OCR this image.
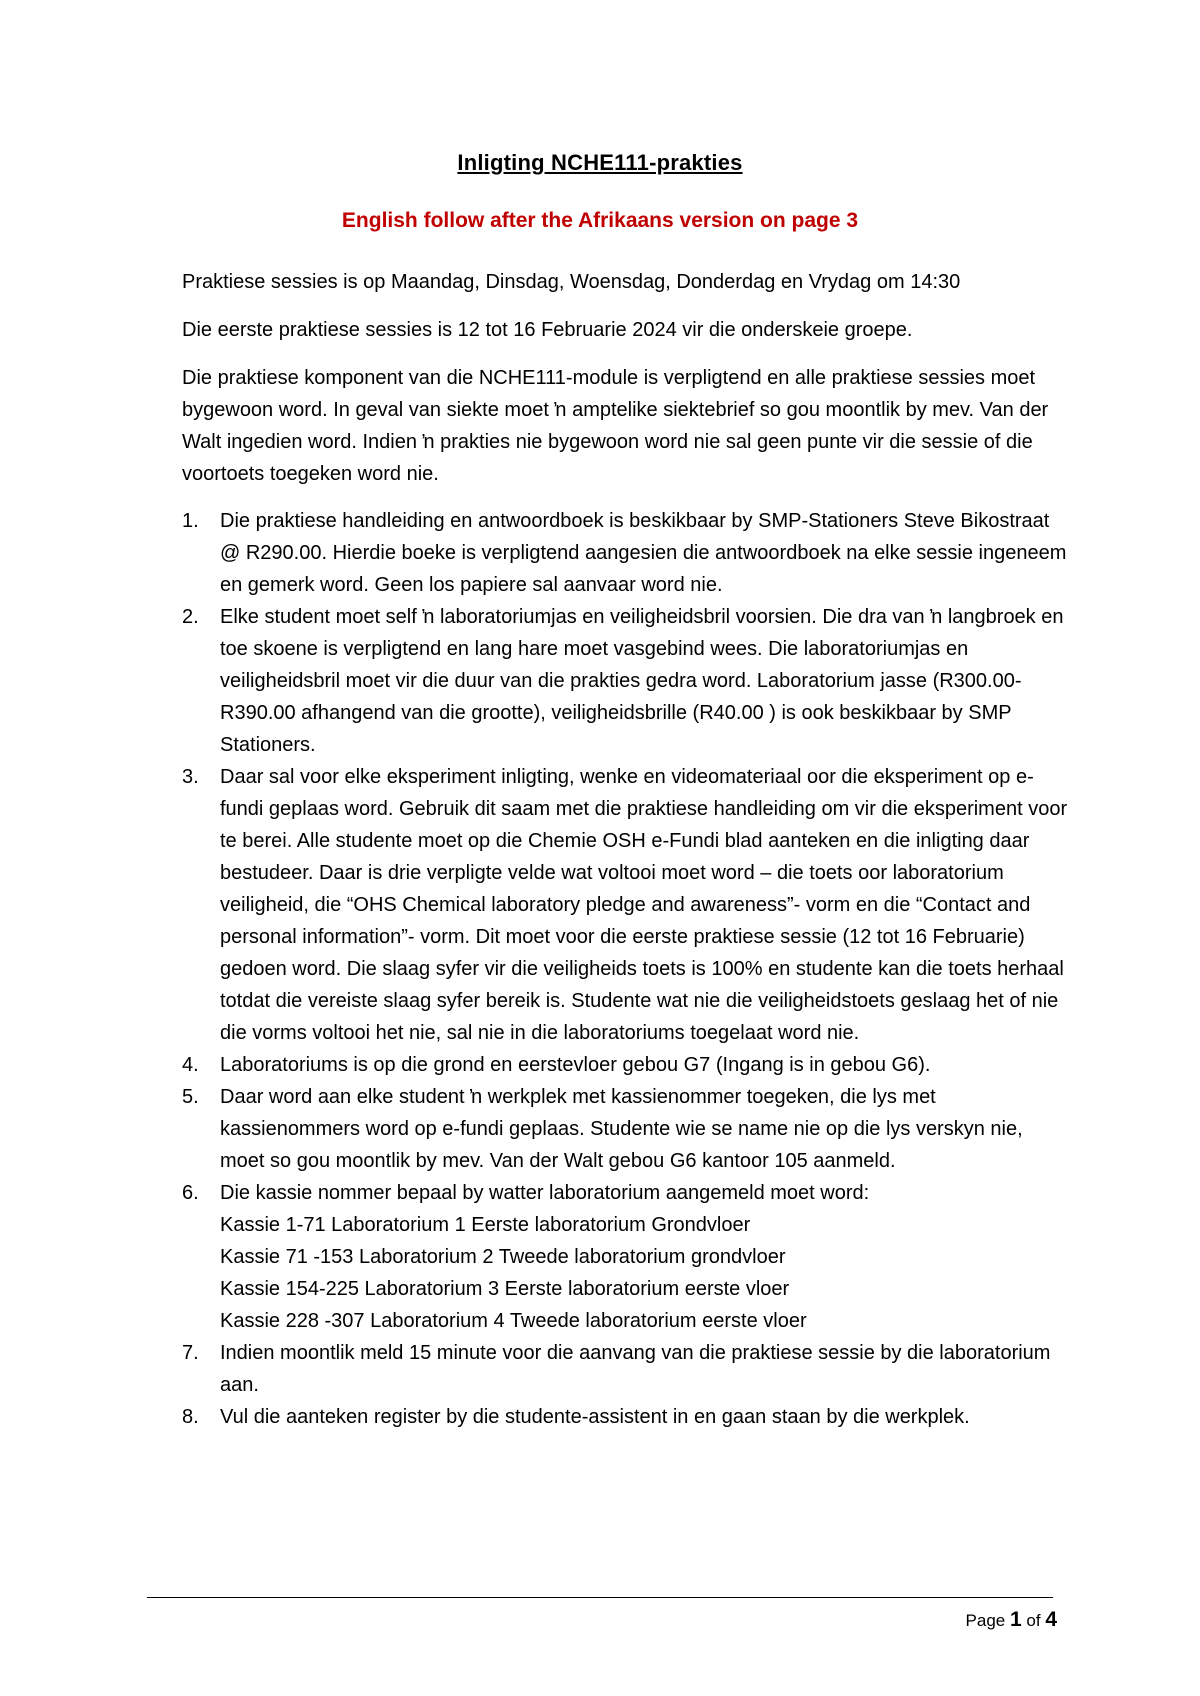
Inligting NCHE111-prakties
English follow after the Afrikaans version on page 3
Praktiese sessies is op Maandag, Dinsdag, Woensdag, Donderdag en Vrydag om 14:30
Die eerste praktiese sessies is 12 tot 16 Februarie 2024 vir die onderskeie groepe.
Die praktiese komponent van die NCHE111-module is verpligtend en alle praktiese sessies moet bygewoon word. In geval van siekte moet ŉ amptelike siektebrief so gou moontlik by mev. Van der Walt ingedien word. Indien ŉ prakties nie bygewoon word nie sal geen punte vir die sessie of die voortoets toegeken word nie.
1. Die praktiese handleiding en antwoordboek is beskikbaar by SMP-Stationers Steve Bikostraat @ R290.00. Hierdie boeke is verpligtend aangesien die antwoordboek na elke sessie ingeneem en gemerk word. Geen los papiere sal aanvaar word nie.
2. Elke student moet self ŉ laboratoriumjas en veiligheidsbril voorsien. Die dra van ŉ langbroek en toe skoene is verpligtend en lang hare moet vasgebind wees. Die laboratoriumjas en veiligheidsbril moet vir die duur van die prakties gedra word. Laboratorium jasse (R300.00-R390.00 afhangend van die grootte), veiligheidsbrille (R40.00 ) is ook beskikbaar by SMP Stationers.
3. Daar sal voor elke eksperiment inligting, wenke en videomateriaal oor die eksperiment op e-fundi geplaas word. Gebruik dit saam met die praktiese handleiding om vir die eksperiment voor te berei. Alle studente moet op die Chemie OSH e-Fundi blad aanteken en die inligting daar bestudeer. Daar is drie verpligte velde wat voltooi moet word – die toets oor laboratorium veiligheid, die “OHS Chemical laboratory pledge and awareness”- vorm en die “Contact and personal information”- vorm. Dit moet voor die eerste praktiese sessie (12 tot 16 Februarie) gedoen word. Die slaag syfer vir die veiligheids toets is 100% en studente kan die toets herhaal totdat die vereiste slaag syfer bereik is. Studente wat nie die veiligheidstoets geslaag het of nie die vorms voltooi het nie, sal nie in die laboratoriums toegelaat word nie.
4. Laboratoriums is op die grond en eerstevloer gebou G7 (Ingang is in gebou G6).
5. Daar word aan elke student ŉ werkplek met kassienommer toegeken, die lys met kassienommers word op e-fundi geplaas. Studente wie se name nie op die lys verskyn nie, moet so gou moontlik by mev. Van der Walt gebou G6 kantoor 105 aanmeld.
6. Die kassie nommer bepaal by watter laboratorium aangemeld moet word:
Kassie 1-71 Laboratorium 1 Eerste laboratorium Grondvloer
Kassie 71 -153 Laboratorium 2 Tweede laboratorium grondvloer
Kassie 154-225 Laboratorium 3 Eerste laboratorium eerste vloer
Kassie 228 -307 Laboratorium 4 Tweede laboratorium eerste vloer
7. Indien moontlik meld 15 minute voor die aanvang van die praktiese sessie by die laboratorium aan.
8. Vul die aanteken register by die studente-assistent in en gaan staan by die werkplek.
Page 1 of 4
